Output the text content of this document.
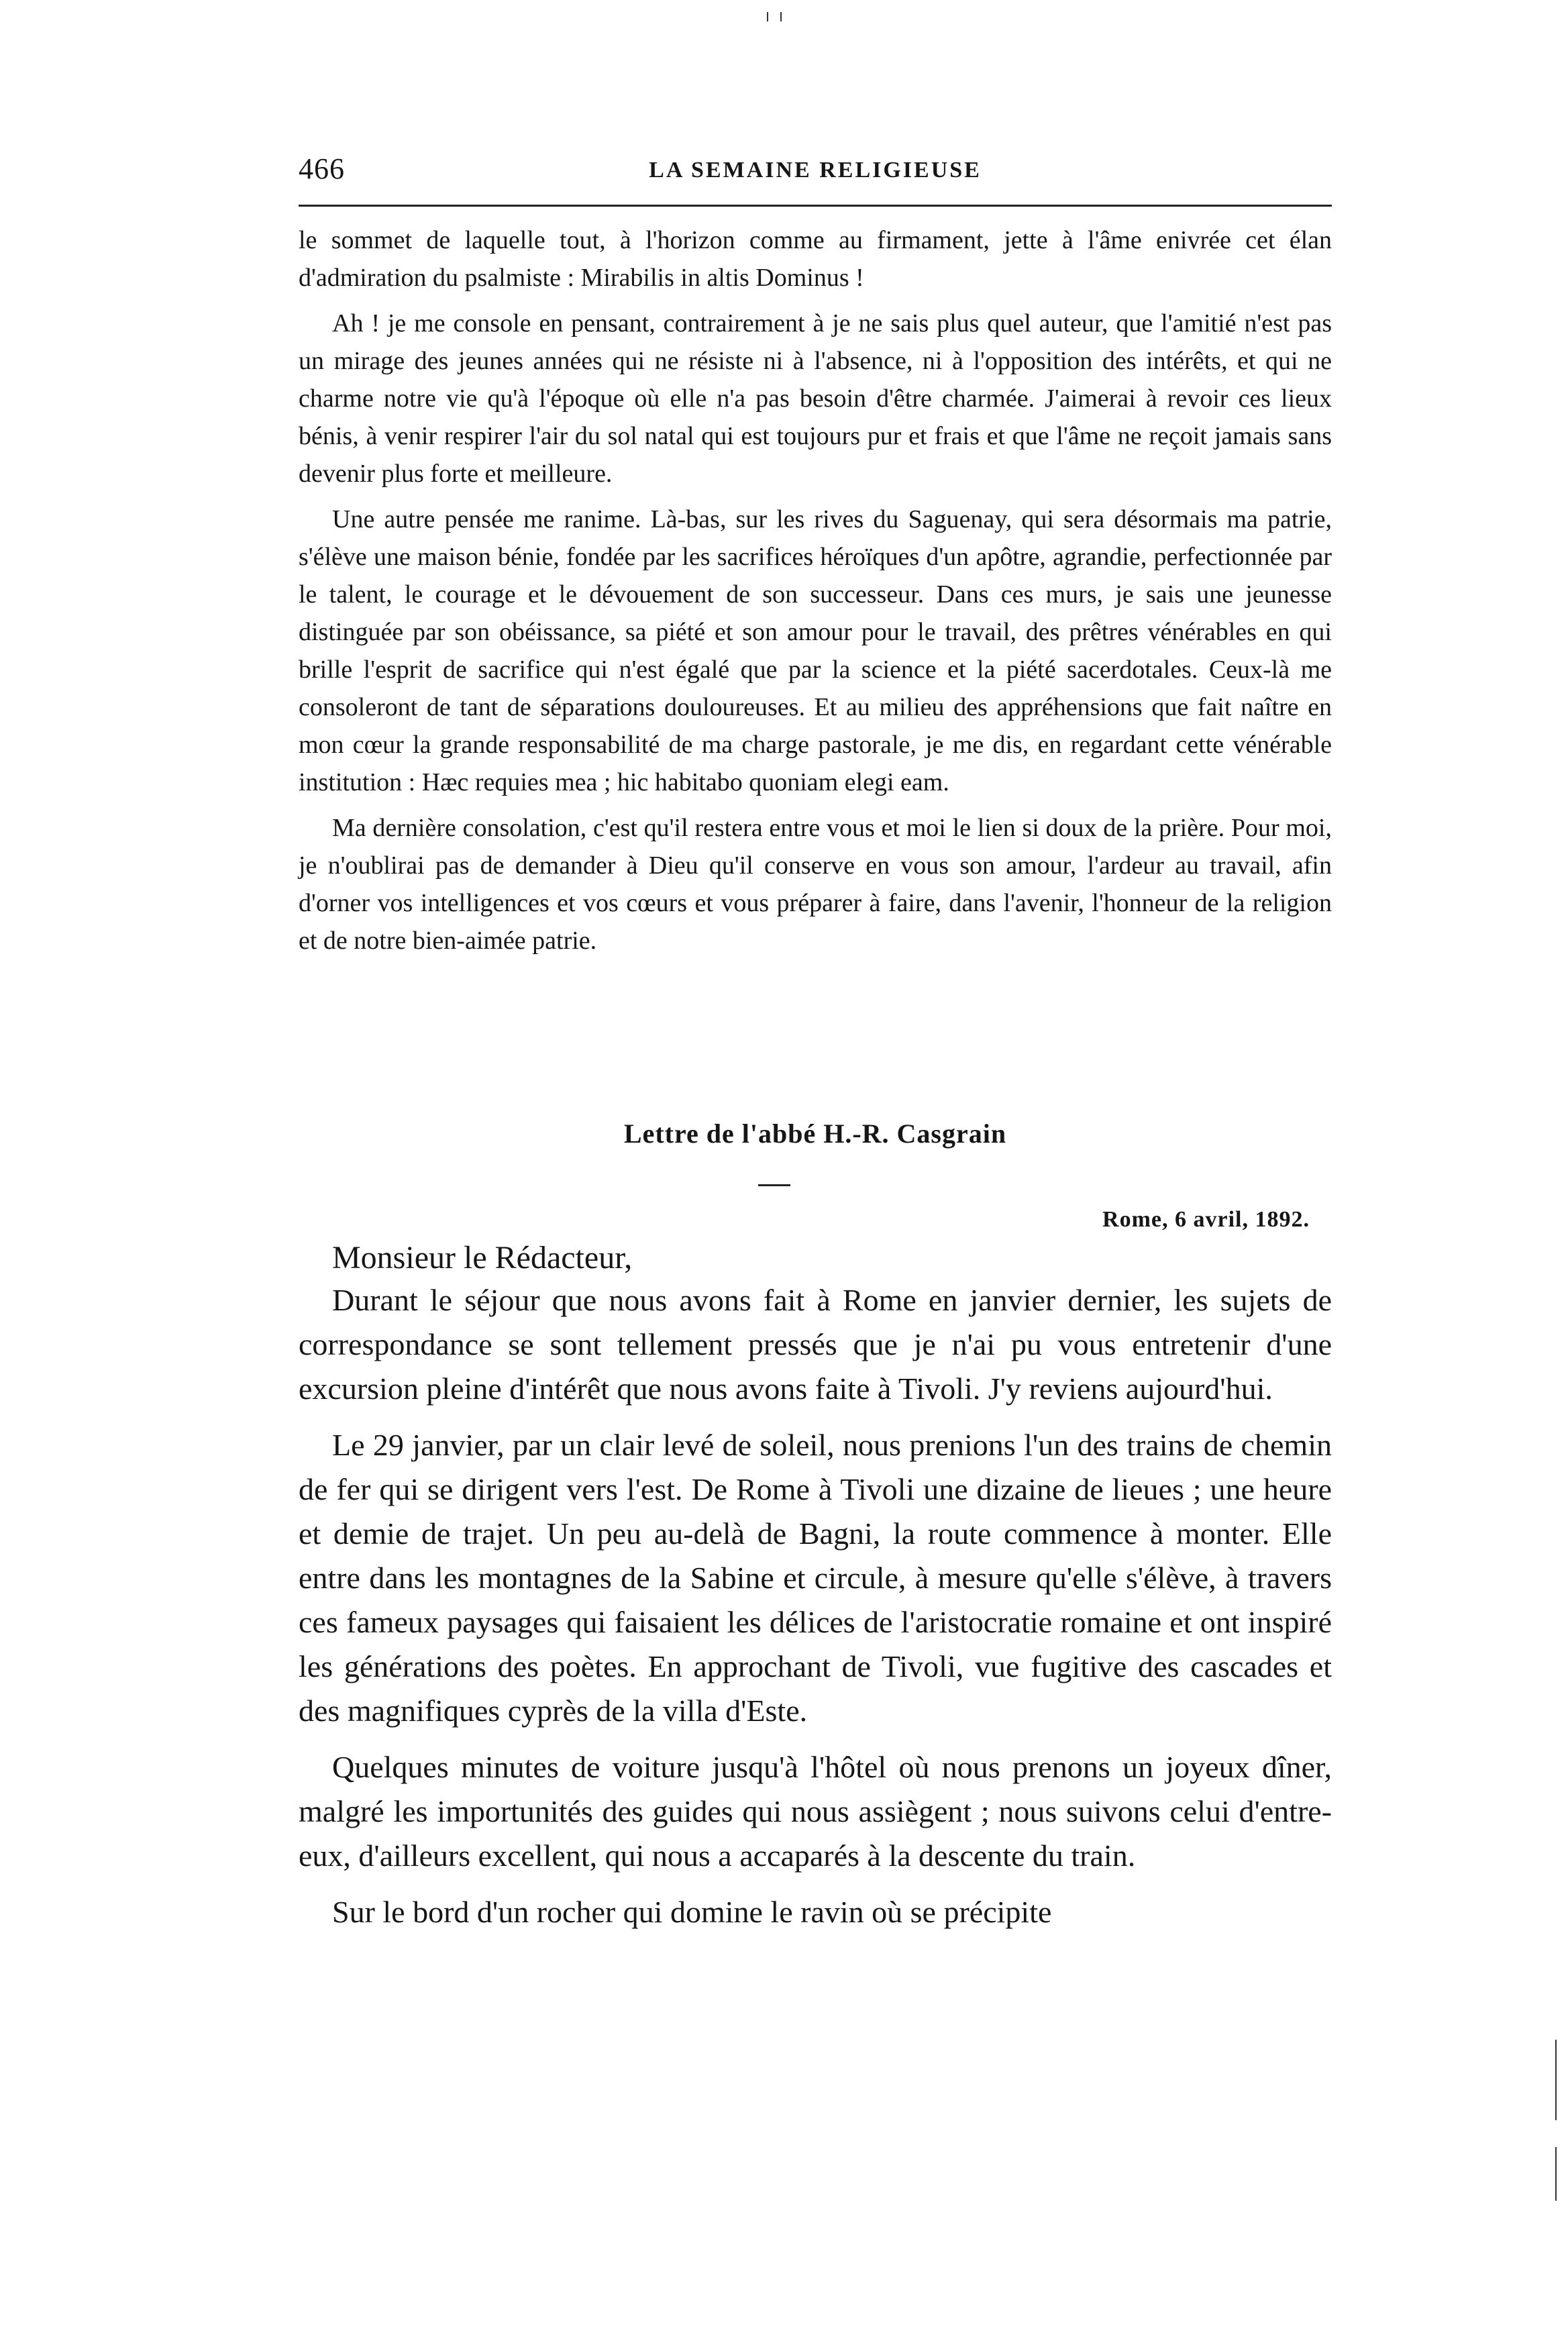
466	LA SEMAINE RELIGIEUSE

le sommet de laquelle tout, à l'horizon comme au firmament, jette à l'âme enivrée cet élan d'admiration du psalmiste : Mirabilis in altis Dominus !

Ah ! je me console en pensant, contrairement à je ne sais plus quel auteur, que l'amitié n'est pas un mirage des jeunes années qui ne résiste ni à l'absence, ni à l'opposition des intérêts, et qui ne charme notre vie qu'à l'époque où elle n'a pas besoin d'être charmée. J'aimerai à revoir ces lieux bénis, à venir respirer l'air du sol natal qui est toujours pur et frais et que l'âme ne reçoit jamais sans devenir plus forte et meilleure.

Une autre pensée me ranime. Là-bas, sur les rives du Saguenay, qui sera désormais ma patrie, s'élève une maison bénie, fondée par les sacrifices héroïques d'un apôtre, agrandie, perfectionnée par le talent, le courage et le dévouement de son successeur. Dans ces murs, je sais une jeunesse distinguée par son obéissance, sa piété et son amour pour le travail, des prêtres vénérables en qui brille l'esprit de sacrifice qui n'est égalé que par la science et la piété sacerdotales. Ceux-là me consoleront de tant de séparations douloureuses. Et au milieu des appréhensions que fait naître en mon cœur la grande responsabilité de ma charge pastorale, je me dis, en regardant cette vénérable institution : Hæc requies mea ; hic habitabo quoniam elegi eam.

Ma dernière consolation, c'est qu'il restera entre vous et moi le lien si doux de la prière. Pour moi, je n'oublirai pas de demander à Dieu qu'il conserve en vous son amour, l'ardeur au travail, afin d'orner vos intelligences et vos cœurs et vous préparer à faire, dans l'avenir, l'honneur de la religion et de notre bien-aimée patrie.

Lettre de l'abbé H.-R. Casgrain
Rome, 6 avril, 1892.
Monsieur le Rédacteur,

Durant le séjour que nous avons fait à Rome en janvier dernier, les sujets de correspondance se sont tellement pressés que je n'ai pu vous entretenir d'une excursion pleine d'intérêt que nous avons faite à Tivoli. J'y reviens aujourd'hui.

Le 29 janvier, par un clair levé de soleil, nous prenions l'un des trains de chemin de fer qui se dirigent vers l'est. De Rome à Tivoli une dizaine de lieues ; une heure et demie de trajet. Un peu au-delà de Bagni, la route commence à monter. Elle entre dans les montagnes de la Sabine et circule, à mesure qu'elle s'élève, à travers ces fameux paysages qui faisaient les délices de l'aristocratie romaine et ont inspiré les générations des poètes. En approchant de Tivoli, vue fugitive des cascades et des magnifiques cyprès de la villa d'Este.

Quelques minutes de voiture jusqu'à l'hôtel où nous prenons un joyeux dîner, malgré les importunités des guides qui nous assiègent ; nous suivons celui d'entre-eux, d'ailleurs excellent, qui nous a accaparés à la descente du train.

Sur le bord d'un rocher qui domine le ravin où se précipite
